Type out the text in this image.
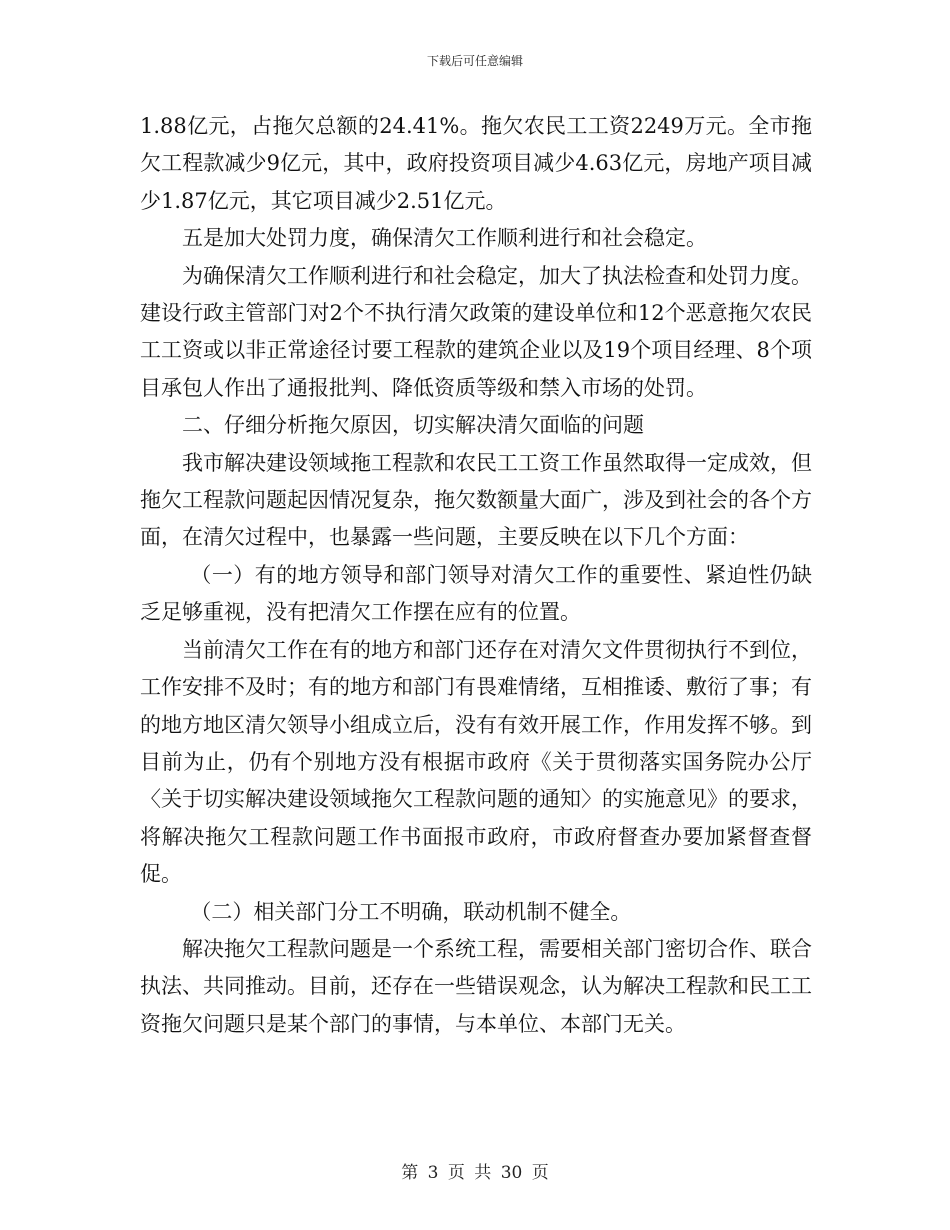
下载后可任意编辑

1.88亿元，占拖欠总额的24.41%。拖欠农民工工资2249万元。全市拖欠工程款减少9亿元，其中，政府投资项目减少4.63亿元，房地产项目减少1.87亿元，其它项目减少2.51亿元。

五是加大处罚力度，确保清欠工作顺利进行和社会稳定。

为确保清欠工作顺利进行和社会稳定，加大了执法检查和处罚力度。建设行政主管部门对2个不执行清欠政策的建设单位和12个恶意拖欠农民工工资或以非正常途径讨要工程款的建筑企业以及19个项目经理、8个项目承包人作出了通报批判、降低资质等级和禁入市场的处罚。

二、仔细分析拖欠原因，切实解决清欠面临的问题

我市解决建设领域拖工程款和农民工工资工作虽然取得一定成效，但拖欠工程款问题起因情况复杂，拖欠数额量大面广，涉及到社会的各个方面，在清欠过程中，也暴露一些问题，主要反映在以下几个方面：

（一）有的地方领导和部门领导对清欠工作的重要性、紧迫性仍缺乏足够重视，没有把清欠工作摆在应有的位置。

当前清欠工作在有的地方和部门还存在对清欠文件贯彻执行不到位，工作安排不及时；有的地方和部门有畏难情绪，互相推诿、敷衍了事；有的地方地区清欠领导小组成立后，没有有效开展工作，作用发挥不够。到目前为止，仍有个别地方没有根据市政府《关于贯彻落实国务院办公厅〈关于切实解决建设领域拖欠工程款问题的通知〉的实施意见》的要求，将解决拖欠工程款问题工作书面报市政府，市政府督查办要加紧督查督促。

（二）相关部门分工不明确，联动机制不健全。

解决拖欠工程款问题是一个系统工程，需要相关部门密切合作、联合执法、共同推动。目前，还存在一些错误观念，认为解决工程款和民工工资拖欠问题只是某个部门的事情，与本单位、本部门无关。

第 3 页 共 30 页
